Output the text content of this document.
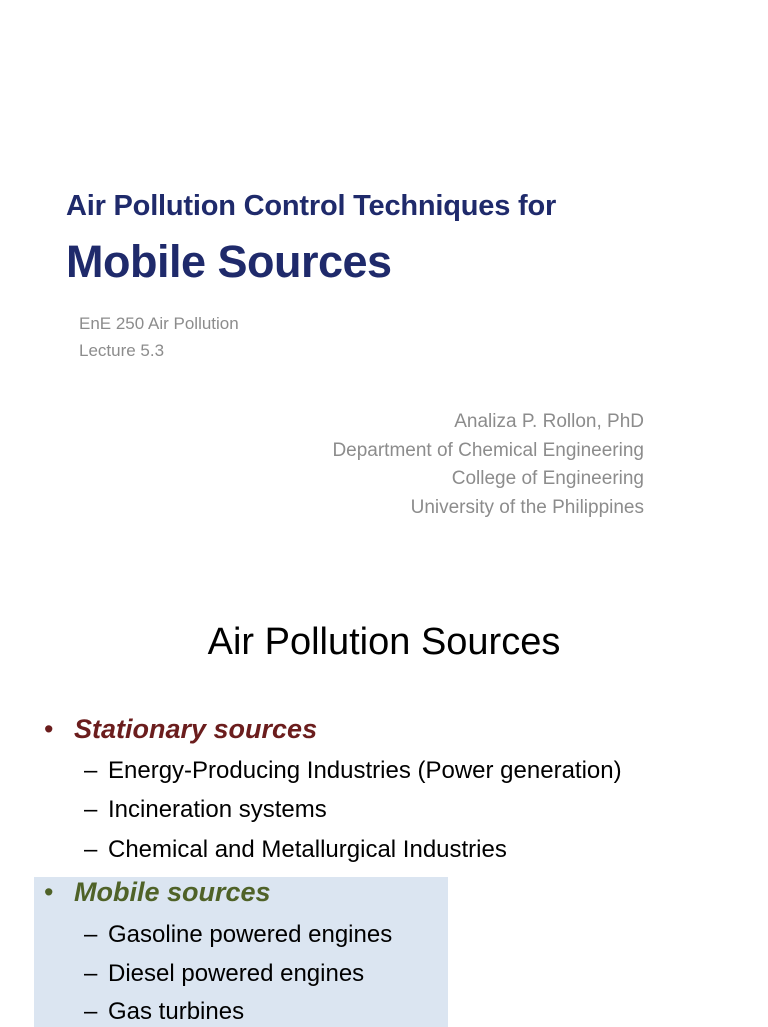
Air Pollution Control Techniques for
Mobile Sources
EnE 250 Air Pollution
Lecture 5.3
Analiza P. Rollon, PhD
Department of Chemical Engineering
College of Engineering
University of the Philippines
Air Pollution Sources
• Stationary sources
– Energy-Producing Industries (Power generation)
– Incineration systems
– Chemical and Metallurgical Industries
• Mobile sources
– Gasoline powered engines
– Diesel powered engines
– Gas turbines
